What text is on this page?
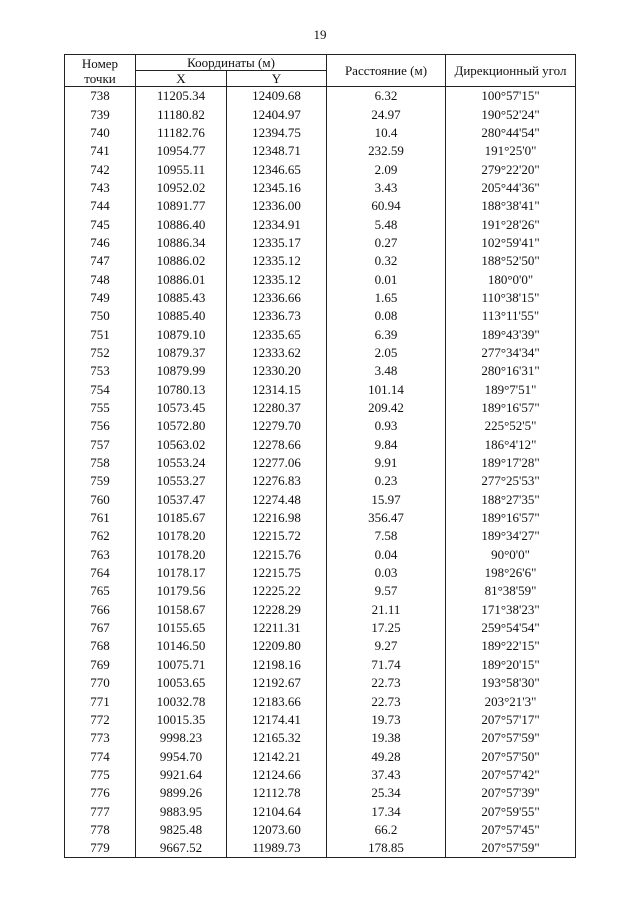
19
Номер точки	Координаты (м)		Расстояние (м)	Дирекционный угол
	X	Y		
738	11205.34	12409.68	6.32	100°57'15"
739	11180.82	12404.97	24.97	190°52'24"
740	11182.76	12394.75	10.4	280°44'54"
741	10954.77	12348.71	232.59	191°25'0"
742	10955.11	12346.65	2.09	279°22'20"
743	10952.02	12345.16	3.43	205°44'36"
744	10891.77	12336.00	60.94	188°38'41"
745	10886.40	12334.91	5.48	191°28'26"
746	10886.34	12335.17	0.27	102°59'41"
747	10886.02	12335.12	0.32	188°52'50"
748	10886.01	12335.12	0.01	180°0'0"
749	10885.43	12336.66	1.65	110°38'15"
750	10885.40	12336.73	0.08	113°11'55"
751	10879.10	12335.65	6.39	189°43'39"
752	10879.37	12333.62	2.05	277°34'34"
753	10879.99	12330.20	3.48	280°16'31"
754	10780.13	12314.15	101.14	189°7'51"
755	10573.45	12280.37	209.42	189°16'57"
756	10572.80	12279.70	0.93	225°52'5"
757	10563.02	12278.66	9.84	186°4'12"
758	10553.24	12277.06	9.91	189°17'28"
759	10553.27	12276.83	0.23	277°25'53"
760	10537.47	12274.48	15.97	188°27'35"
761	10185.67	12216.98	356.47	189°16'57"
762	10178.20	12215.72	7.58	189°34'27"
763	10178.20	12215.76	0.04	90°0'0"
764	10178.17	12215.75	0.03	198°26'6"
765	10179.56	12225.22	9.57	81°38'59"
766	10158.67	12228.29	21.11	171°38'23"
767	10155.65	12211.31	17.25	259°54'54"
768	10146.50	12209.80	9.27	189°22'15"
769	10075.71	12198.16	71.74	189°20'15"
770	10053.65	12192.67	22.73	193°58'30"
771	10032.78	12183.66	22.73	203°21'3"
772	10015.35	12174.41	19.73	207°57'17"
773	9998.23	12165.32	19.38	207°57'59"
774	9954.70	12142.21	49.28	207°57'50"
775	9921.64	12124.66	37.43	207°57'42"
776	9899.26	12112.78	25.34	207°57'39"
777	9883.95	12104.64	17.34	207°59'55"
778	9825.48	12073.60	66.2	207°57'45"
779	9667.52	11989.73	178.85	207°57'59"
